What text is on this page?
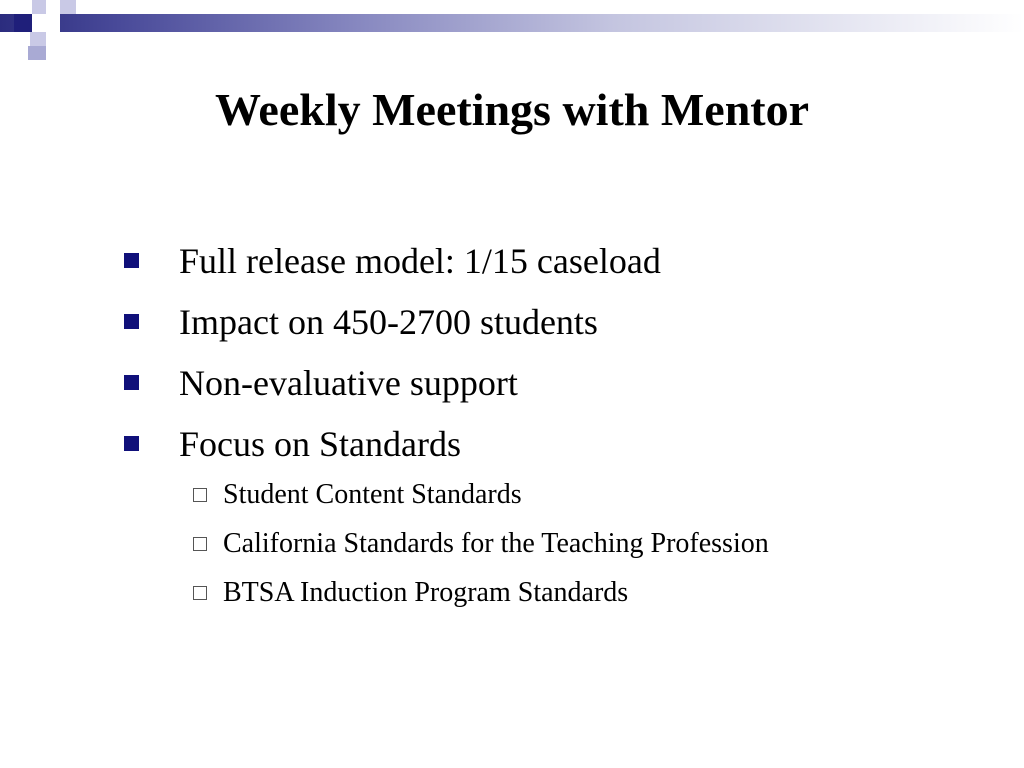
Weekly Meetings with Mentor
Full release model: 1/15 caseload
Impact on 450-2700 students
Non-evaluative support
Focus on Standards
Student Content Standards
California Standards for the Teaching Profession
BTSA Induction Program Standards
